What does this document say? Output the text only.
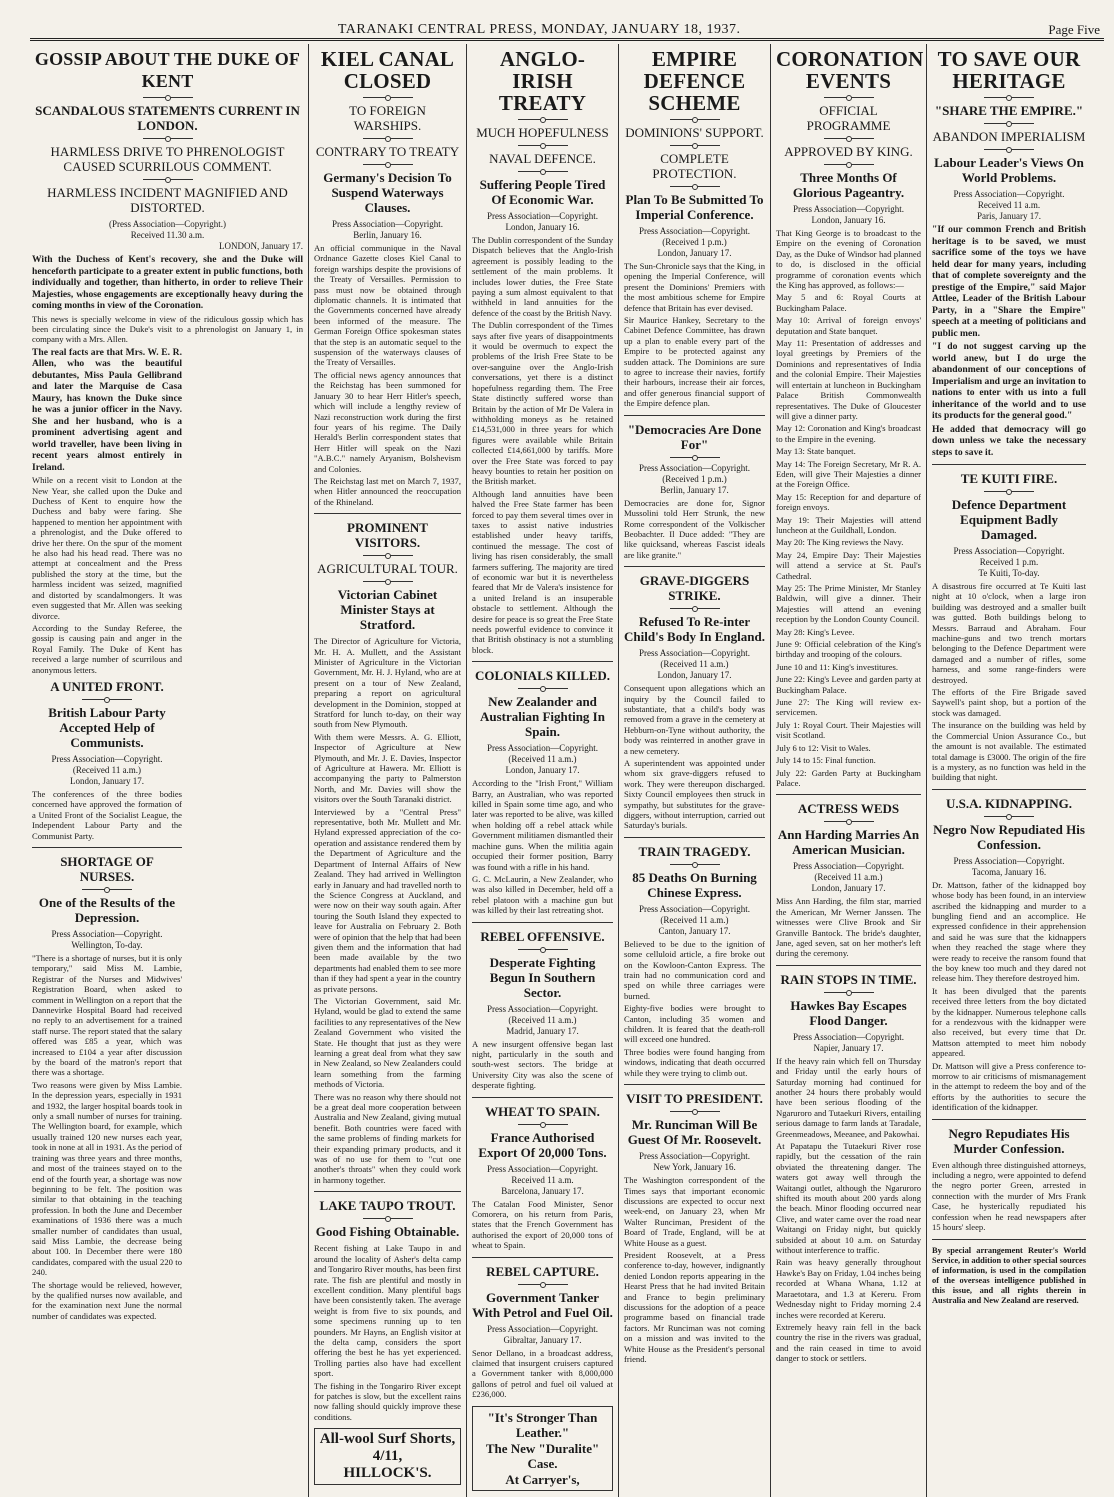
TARANAKI CENTRAL PRESS, MONDAY, JANUARY 18, 1937.	Page Five
GOSSIP ABOUT THE DUKE OF KENT
SCANDALOUS STATEMENTS CURRENT IN LONDON.
HARMLESS DRIVE TO PHRENOLOGIST CAUSED SCURRILOUS COMMENT.
HARMLESS INCIDENT MAGNIFIED AND DISTORTED.
(Press Association—Copyright.)
Received 11.30 a.m.
LONDON, January 17.
With the Duchess of Kent's recovery, she and the Duke will henceforth participate to a greater extent in public functions, both individually and together, than hitherto, in order to relieve Their Majesties, whose engagements are exceptionally heavy during the coming months in view of the Coronation.
This news is specially welcome in view of the ridiculous gossip which has been circulating since the Duke's visit to a phrenologist on January 1, in company with a Mrs. Allen.
The real facts are that Mrs. W. E. R. Allen, who was the beautiful debutantes, Miss Paula Gellibrand and later the Marquise de Casa Maury, has known the Duke since he was a junior officer in the Navy. She and her husband, who is a prominent advertising agent and world traveller, have been living in recent years almost entirely in Ireland.
While on a recent visit to London at the New Year, she called upon the Duke and Duchess of Kent to enquire how the Duchess and baby were faring. She happened to mention her appointment with a phrenologist, and the Duke offered to drive her there. On the spur of the moment he also had his head read. There was no attempt at concealment and the Press published the story at the time, but the harmless incident was seized, magnified and distorted by scandalmongers. It was even suggested that Mr. Allen was seeking divorce.
According to the Sunday Referee, the gossip is causing pain and anger in the Royal Family. The Duke of Kent has received a large number of scurrilous and anonymous letters.
A UNITED FRONT.
British Labour Party Accepted Help of Communists.
Press Association—Copyright.
(Received 11 a.m.)
London, January 17.
The conferences of the three bodies concerned have approved the formation of a United Front of the Socialist League, the Independent Labour Party and the Communist Party.
SHORTAGE OF NURSES.
One of the Results of the Depression.
Press Association—Copyright.
Wellington, To-day.
"There is a shortage of nurses, but it is only temporary," said Miss M. Lambie, Registrar of the Nurses and Midwives' Registration Board, when asked to comment in Wellington on a report that the Dannevirke Hospital Board had received no reply to an advertisement for a trained staff nurse. The report stated that the salary offered was £85 a year, which was increased to £104 a year after discussion by the board of the matron's report that there was a shortage.
Two reasons were given by Miss Lambie. In the depression years, especially in 1931 and 1932, the larger hospital boards took in only a small number of nurses for training. The Wellington board, for example, which usually trained 120 new nurses each year, took in none at all in 1931. As the period of training was three years and three months, and most of the trainees stayed on to the end of the fourth year, a shortage was now beginning to be felt. The position was similar to that obtaining in the teaching profession. In both the June and December examinations of 1936 there was a much smaller number of candidates than usual, said Miss Lambie, the decrease being about 100. In December there were 180 candidates, compared with the usual 220 to 240.
The shortage would be relieved, however, by the qualified nurses now available, and for the examination next June the normal number of candidates was expected.
KIEL CANAL CLOSED
TO FOREIGN WARSHIPS.
CONTRARY TO TREATY
Germany's Decision To Suspend Waterways Clauses.
Press Association—Copyright.
Berlin, January 16.
An official communique in the Naval Ordnance Gazette closes Kiel Canal to foreign warships despite the provisions of the Treaty of Versailles. Permission to pass must now be obtained through diplomatic channels. It is intimated that the Governments concerned have already been informed of the measure. The German Foreign Office spokesman states that the step is an automatic sequel to the suspension of the waterways clauses of the Treaty of Versailles.
The official news agency announces that the Reichstag has been summoned for January 30 to hear Herr Hitler's speech, which will include a lengthy review of Nazi reconstruction work during the first four years of his regime. The Daily Herald's Berlin correspondent states that Herr Hitler will speak on the Nazi "A.B.C." namely Aryanism, Bolshevism and Colonies.
The Reichstag last met on March 7, 1937, when Hitler announced the reoccupation of the Rhineland.
PROMINENT VISITORS.
AGRICULTURAL TOUR.
Victorian Cabinet Minister Stays at Stratford.
The Director of Agriculture for Victoria, Mr. H. A. Mullett, and the Assistant Minister of Agriculture in the Victorian Government, Mr. H. J. Hyland, who are at present on a tour of New Zealand, preparing a report on agricultural development in the Dominion, stopped at Stratford for lunch to-day, on their way south from New Plymouth.
With them were Messrs. A. G. Elliott, Inspector of Agriculture at New Plymouth, and Mr. J. E. Davies, Inspector of Agriculture at Hawera. Mr. Elliott is accompanying the party to Palmerston North, and Mr. Davies will show the visitors over the South Taranaki district.
Interviewed by a "Central Press" representative, both Mr. Mullett and Mr. Hyland expressed appreciation of the co-operation and assistance rendered them by the Department of Agriculture and the Department of Internal Affairs of New Zealand. They had arrived in Wellington early in January and had travelled north to the Science Congress at Auckland, and were now on their way south again. After touring the South Island they expected to leave for Australia on February 2. Both were of opinion that the help that had been given them and the information that had been made available by the two departments had enabled them to see more than if they had spent a year in the country as private persons.
The Victorian Government, said Mr. Hyland, would be glad to extend the same facilities to any representatives of the New Zealand Government who visited the State. He thought that just as they were learning a great deal from what they saw in New Zealand, so New Zealanders could learn something from the farming methods of Victoria.
There was no reason why there should not be a great deal more cooperation between Australia and New Zealand, giving mutual benefit. Both countries were faced with the same problems of finding markets for their expanding primary products, and it was of no use for them to "cut one another's throats" when they could work in harmony together.
LAKE TAUPO TROUT.
Good Fishing Obtainable.
Recent fishing at Lake Taupo in and around the locality of Asher's delta camp and Tongariro River mouths, has been first rate. The fish are plentiful and mostly in excellent condition. Many plentiful bags have been consistently taken. The average weight is from five to six pounds, and some specimens running up to ten pounders. Mr Hayns, an English visitor at the delta camp, considers the sport offering the best he has yet experienced. Trolling parties also have had excellent sport.
The fishing in the Tongariro River except for patches is slow, but the excellent rains now falling should quickly improve these conditions.
All-wool Surf Shorts,
4/11,
HILLOCK'S.
ANGLO-IRISH TREATY
MUCH HOPEFULNESS
NAVAL DEFENCE.
Suffering People Tired Of Economic War.
Press Association—Copyright.
London, January 16.
The Dublin correspondent of the Sunday Dispatch believes that the Anglo-Irish agreement is possibly leading to the settlement of the main problems. It includes lower duties, the Free State paying a sum almost equivalent to that withheld in land annuities for the defence of the coast by the British Navy.
The Dublin correspondent of the Times says after five years of disappointments it would be overmuch to expect the problems of the Irish Free State to be over-sanguine over the Anglo-Irish conversations, yet there is a distinct hopefulness regarding them. The Free State distinctly suffered worse than Britain by the action of Mr De Valera in withholding moneys as he retained £14,531,000 in three years for which figures were available while Britain collected £14,661,000 by tariffs. More over the Free State was forced to pay heavy bounties to retain her position on the British market.
Although land annuities have been halved the Free State farmer has been forced to pay them several times over in taxes to assist native industries established under heavy tariffs, continued the message. The cost of living has risen considerably, the small farmers suffering. The majority are tired of economic war but it is nevertheless feared that Mr de Valera's insistence for a united Ireland is an insuperable obstacle to settlement. Although the desire for peace is so great the Free State needs powerful evidence to convince it that British obstinacy is not a stumbling block.
COLONIALS KILLED.
New Zealander and Australian Fighting In Spain.
Press Association—Copyright.
(Received 11 a.m.)
London, January 17.
According to the "Irish Front," William Barry, an Australian, who was reported killed in Spain some time ago, and who later was reported to be alive, was killed when holding off a rebel attack while Government militiamen dismantled their machine guns. When the militia again occupied their former position, Barry was found with a rifle in his hand.
G. C. McLaurin, a New Zealander, who was also killed in December, held off a rebel platoon with a machine gun but was killed by their last retreating shot.
REBEL OFFENSIVE.
Desperate Fighting Begun In Southern Sector.
Press Association—Copyright.
(Received 11 a.m.)
Madrid, January 17.
A new insurgent offensive began last night, particularly in the south and south-west sectors. The bridge at University City was also the scene of desperate fighting.
WHEAT TO SPAIN.
France Authorised Export Of 20,000 Tons.
Press Association—Copyright.
Received 11 a.m.
Barcelona, January 17.
The Catalan Food Minister, Senor Comorera, on his return from Paris, states that the French Government has authorised the export of 20,000 tons of wheat to Spain.
REBEL CAPTURE.
Government Tanker With Petrol and Fuel Oil.
Press Association—Copyright.
Gibraltar, January 17.
Senor Dellano, in a broadcast address, claimed that insurgent cruisers captured a Government tanker with 8,000,000 gallons of petrol and fuel oil valued at £236,000.
"It's Stronger Than Leather."
The New "Duralite" Case.
At Carryer's,
EMPIRE DEFENCE SCHEME
DOMINIONS' SUPPORT.
COMPLETE PROTECTION.
Plan To Be Submitted To Imperial Conference.
Press Association—Copyright.
(Received 1 p.m.)
London, January 17.
The Sun-Chronicle says that the King, in opening the Imperial Conference, will present the Dominions' Premiers with the most ambitious scheme for Empire defence that Britain has ever devised.
Sir Maurice Hankey, Secretary to the Cabinet Defence Committee, has drawn up a plan to enable every part of the Empire to be protected against any sudden attack. The Dominions are sure to agree to increase their navies, fortify their harbours, increase their air forces, and offer generous financial support of the Empire defence plan.
"Democracies Are Done For"
Press Association—Copyright.
(Received 1 p.m.)
Berlin, January 17.
Democracies are done for, Signor Mussolini told Herr Strunk, the new Rome correspondent of the Volkischer Beobachter. Il Duce added: "They are like quicksand, whereas Fascist ideals are like granite."
GRAVE-DIGGERS STRIKE.
Refused To Re-inter Child's Body In England.
Press Association—Copyright.
(Received 11 a.m.)
London, January 17.
Consequent upon allegations which an inquiry by the Council failed to substantiate, that a child's body was removed from a grave in the cemetery at Hebburn-on-Tyne without authority, the body was reinterred in another grave in a new cemetery.
A superintendent was appointed under whom six grave-diggers refused to work. They were thereupon discharged. Sixty Council employees then struck in sympathy, but substitutes for the grave-diggers, without interruption, carried out Saturday's burials.
TRAIN TRAGEDY.
85 Deaths On Burning Chinese Express.
Press Association—Copyright.
(Received 11 a.m.)
Canton, January 17.
Believed to be due to the ignition of some celluloid article, a fire broke out on the Kowloon-Canton Express. The train had no communication cord and sped on while three carriages were burned.
Eighty-five bodies were brought to Canton, including 35 women and children. It is feared that the death-roll will exceed one hundred.
Three bodies were found hanging from windows, indicating that death occurred while they were trying to climb out.
VISIT TO PRESIDENT.
Mr. Runciman Will Be Guest Of Mr. Roosevelt.
Press Association—Copyright.
New York, January 16.
The Washington correspondent of the Times says that important economic discussions are expected to occur next week-end, on January 23, when Mr Walter Runciman, President of the Board of Trade, England, will be at White House as a guest.
President Roosevelt, at a Press conference to-day, however, indignantly denied London reports appearing in the Hearst Press that he had invited Britain and France to begin preliminary discussions for the adoption of a peace programme based on financial trade factors. Mr Runciman was not coming on a mission and was invited to the White House as the President's personal friend.
CORONATION EVENTS
OFFICIAL PROGRAMME
APPROVED BY KING.
Three Months Of Glorious Pageantry.
Press Association—Copyright.
London, January 16.
That King George is to broadcast to the Empire on the evening of Coronation Day, as the Duke of Windsor had planned to do, is disclosed in the official programme of coronation events which the King has approved, as follows:—
May 5 and 6: Royal Courts at Buckingham Palace.
May 10: Arrival of foreign envoys' deputation and State banquet.
May 11: Presentation of addresses and loyal greetings by Premiers of the Dominions and representatives of India and the colonial Empire. Their Majesties will entertain at luncheon in Buckingham Palace British Commonwealth representatives. The Duke of Gloucester will give a dinner party.
May 12: Coronation and King's broadcast to the Empire in the evening.
May 13: State banquet.
May 14: The Foreign Secretary, Mr R. A. Eden, will give Their Majesties a dinner at the Foreign Office.
May 15: Reception for and departure of foreign envoys.
May 19: Their Majesties will attend luncheon at the Guildhall, London.
May 20: The King reviews the Navy.
May 24, Empire Day: Their Majesties will attend a service at St. Paul's Cathedral.
May 25: The Prime Minister, Mr Stanley Baldwin, will give a dinner. Their Majesties will attend an evening reception by the London County Council.
May 28: King's Levee.
June 9: Official celebration of the King's birthday and trooping of the colours.
June 10 and 11: King's investitures.
June 22: King's Levee and garden party at Buckingham Palace.
June 27: The King will review ex-servicemen.
July 1: Royal Court. Their Majesties will visit Scotland.
July 6 to 12: Visit to Wales.
July 14 to 15: Final function.
July 22: Garden Party at Buckingham Palace.
ACTRESS WEDS
Ann Harding Marries An American Musician.
Press Association—Copyright.
(Received 11 a.m.)
London, January 17.
Miss Ann Harding, the film star, married the American, Mr Werner Janssen. The witnesses were Clive Brook and Sir Granville Bantock. The bride's daughter, Jane, aged seven, sat on her mother's left during the ceremony.
RAIN STOPS IN TIME.
Hawkes Bay Escapes Flood Danger.
Press Association—Copyright.
Napier, January 17.
If the heavy rain which fell on Thursday and Friday until the early hours of Saturday morning had continued for another 24 hours there probably would have been serious flooding of the Ngaruroro and Tutaekuri Rivers, entailing serious damage to farm lands at Taradale, Greenmeadows, Meeanee, and Pakowhai.
At Papatapu the Tutaekuri River rose rapidly, but the cessation of the rain obviated the threatening danger. The waters got away well through the Waitangi outlet, although the Ngaruroro shifted its mouth about 200 yards along the beach. Minor flooding occurred near Clive, and water came over the road near Waitangi on Friday night, but quickly subsided at about 10 a.m. on Saturday without interference to traffic.
Rain was heavy generally throughout Hawke's Bay on Friday, 1.04 inches being recorded at Whana Whana, 1.12 at Maraetotara, and 1.3 at Kereru. From Wednesday night to Friday morning 2.4 inches were recorded at Kereru.
Extremely heavy rain fell in the back country the rise in the rivers was gradual, and the rain ceased in time to avoid danger to stock or settlers.
TO SAVE OUR HERITAGE
"SHARE THE EMPIRE."
ABANDON IMPERIALISM
Labour Leader's Views On World Problems.
Press Association—Copyright.
Received 11 a.m.
Paris, January 17.
"If our common French and British heritage is to be saved, we must sacrifice some of the toys we have held dear for many years, including that of complete sovereignty and the prestige of the Empire," said Major Attlee, Leader of the British Labour Party, in a "Share the Empire" speech at a meeting of politicians and public men.
"I do not suggest carving up the world anew, but I do urge the abandonment of our conceptions of Imperialism and urge an invitation to nations to enter with us into a full inheritance of the world and to use its products for the general good."
He added that democracy will go down unless we take the necessary steps to save it.
TE KUITI FIRE.
Defence Department Equipment Badly Damaged.
Press Association—Copyright.
Received 1 p.m.
Te Kuiti, To-day.
A disastrous fire occurred at Te Kuiti last night at 10 o'clock, when a large iron building was destroyed and a smaller built was gutted. Both buildings belong to Messrs. Barraud and Abraham. Four machine-guns and two trench mortars belonging to the Defence Department were damaged and a number of rifles, some harness, and some range-finders were destroyed.
The efforts of the Fire Brigade saved Saywell's paint shop, but a portion of the stock was damaged.
The insurance on the building was held by the Commercial Union Assurance Co., but the amount is not available. The estimated total damage is £3000. The origin of the fire is a mystery, as no function was held in the building that night.
U.S.A. KIDNAPPING.
Negro Now Repudiated His Confession.
Press Association—Copyright.
Tacoma, January 16.
Dr. Mattson, father of the kidnapped boy whose body has been found, in an interview ascribed the kidnapping and murder to a bungling fiend and an accomplice. He expressed confidence in their apprehension and said he was sure that the kidnappers when they reached the stage where they were ready to receive the ransom found that the boy knew too much and they dared not release him. They therefore destroyed him.
It has been divulged that the parents received three letters from the boy dictated by the kidnapper. Numerous telephone calls for a rendezvous with the kidnapper were also received, but every time that Dr. Mattson attempted to meet him nobody appeared.
Dr. Mattson will give a Press conference to-morrow to air criticisms of mismanagement in the attempt to redeem the boy and of the efforts by the authorities to secure the identification of the kidnapper.
Negro Repudiates His Murder Confession.
Even although three distinguished attorneys, including a negro, were appointed to defend the negro porter Green, arrested in connection with the murder of Mrs Frank Case, he hysterically repudiated his confession when he read newspapers after 15 hours' sleep.
By special arrangement Reuter's World Service, in addition to other special sources of information, is used in the compilation of the overseas intelligence published in this issue, and all rights therein in Australia and New Zealand are reserved.
